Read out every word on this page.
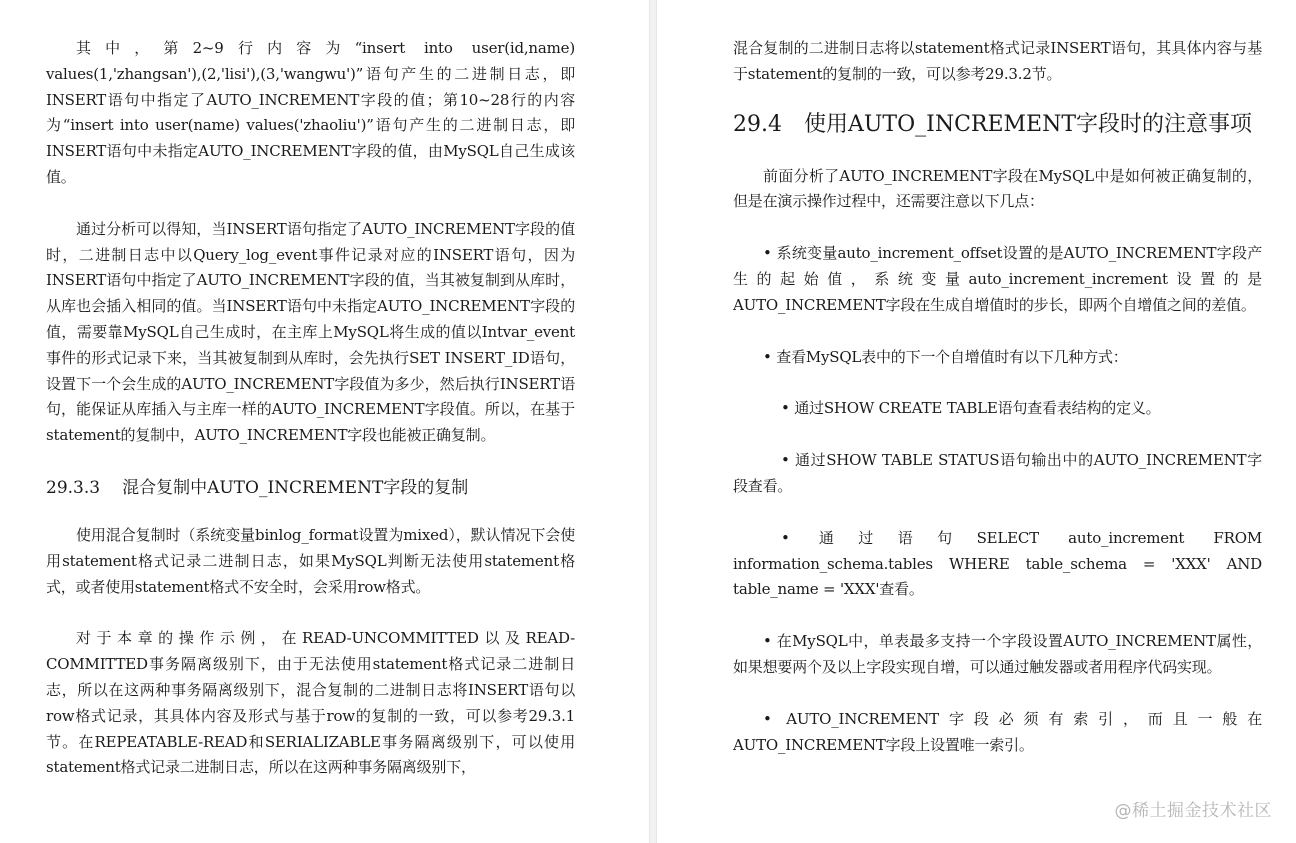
其中，第2~9行内容为“insert into user(id,name) values(1,'zhangsan'),(2,'lisi'),(3,'wangwu')”语句产生的二进制日志，即INSERT语句中指定了AUTO_INCREMENT字段的值；第10~28行的内容为“insert into user(name) values('zhaoliu')”语句产生的二进制日志，即INSERT语句中未指定AUTO_INCREMENT字段的值，由MySQL自己生成该值。

通过分析可以得知，当INSERT语句指定了AUTO_INCREMENT字段的值时，二进制日志中以Query_log_event事件记录对应的INSERT语句，因为INSERT语句中指定了AUTO_INCREMENT字段的值，当其被复制到从库时，从库也会插入相同的值。当INSERT语句中未指定AUTO_INCREMENT字段的值，需要靠MySQL自己生成时，在主库上MySQL将生成的值以Intvar_event事件的形式记录下来，当其被复制到从库时，会先执行SET INSERT_ID语句，设置下一个会生成的AUTO_INCREMENT字段值为多少，然后执行INSERT语句，能保证从库插入与主库一样的AUTO_INCREMENT字段值。所以，在基于statement的复制中，AUTO_INCREMENT字段也能被正确复制。

29.3.3 混合复制中AUTO_INCREMENT字段的复制

使用混合复制时（系统变量binlog_format设置为mixed），默认情况下会使用statement格式记录二进制日志，如果MySQL判断无法使用statement格式，或者使用statement格式不安全时，会采用row格式。

对于本章的操作示例，在READ-UNCOMMITTED以及READ-COMMITTED事务隔离级别下，由于无法使用statement格式记录二进制日志，所以在这两种事务隔离级别下，混合复制的二进制日志将INSERT语句以row格式记录，其具体内容及形式与基于row的复制的一致，可以参考29.3.1节。在REPEATABLE-READ和SERIALIZABLE事务隔离级别下，可以使用statement格式记录二进制日志，所以在这两种事务隔离级别下，

混合复制的二进制日志将以statement格式记录INSERT语句，其具体内容与基于statement的复制的一致，可以参考29.3.2节。

29.4 使用AUTO_INCREMENT字段时的注意事项

前面分析了AUTO_INCREMENT字段在MySQL中是如何被正确复制的，但是在演示操作过程中，还需要注意以下几点：

• 系统变量auto_increment_offset设置的是AUTO_INCREMENT字段产生的起始值，系统变量auto_increment_increment设置的是AUTO_INCREMENT字段在生成自增值时的步长，即两个自增值之间的差值。
• 查看MySQL表中的下一个自增值时有以下几种方式：
• 通过SHOW CREATE TABLE语句查看表结构的定义。
• 通过SHOW TABLE STATUS语句输出中的AUTO_INCREMENT字段查看。
• 通过语句SELECT auto_increment FROM information_schema.tables WHERE table_schema = 'XXX' AND table_name = 'XXX'查看。
• 在MySQL中，单表最多支持一个字段设置AUTO_INCREMENT属性，如果想要两个及以上字段实现自增，可以通过触发器或者用程序代码实现。
• AUTO_INCREMENT字段必须有索引，而且一般在AUTO_INCREMENT字段上设置唯一索引。
@稀土掘金技术社区
